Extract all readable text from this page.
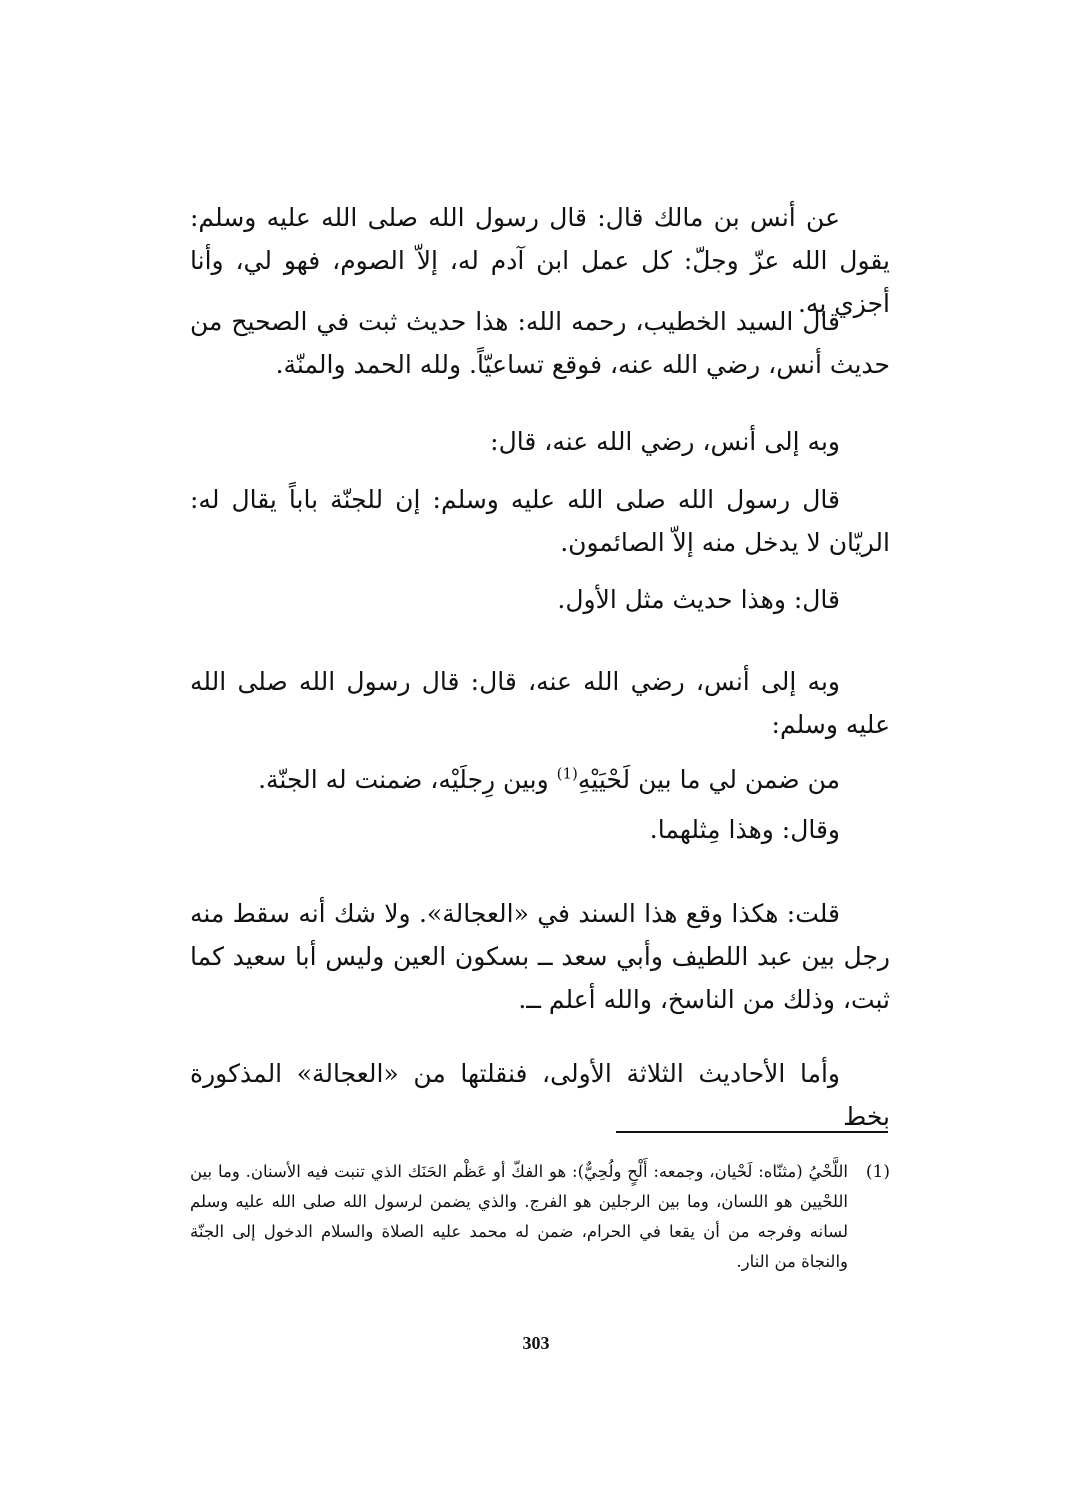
عن أنس بن مالك قال: قال رسول الله صلى الله عليه وسلم: يقول الله عزّ وجلّ: كل عمل ابن آدم له، إلاّ الصوم، فهو لي، وأنا أجزي به.

قال السيد الخطيب، رحمه الله: هذا حديث ثبت في الصحيح من حديث أنس، رضي الله عنه، فوقع تساعيّاً. ولله الحمد والمنّة.

وبه إلى أنس، رضي الله عنه، قال:

قال رسول الله صلى الله عليه وسلم: إن للجنّة باباً يقال له: الريّان لا يدخل منه إلاّ الصائمون.

قال: وهذا حديث مثل الأول.

وبه إلى أنس، رضي الله عنه، قال: قال رسول الله صلى الله عليه وسلم:

من ضمن لي ما بين لَحْيَيْهِ$^{(1)}$ وبين رِجلَيْه، ضمنت له الجنّة.

وقال: وهذا مِثلهما.

قلت: هكذا وقع هذا السند في «العجالة». ولا شك أنه سقط منه رجل بين عبد اللطيف وأبي سعد ــ بسكون العين وليس أبا سعيد كما ثبت، وذلك من الناسخ، والله أعلم ــ.

وأما الأحاديث الثلاثة الأولى، فنقلتها من «العجالة» المذكورة بخط

(1)
اللَّحْيُ (مثنّاه: لَحْيان، وجمعه: أَلْحٍ ولُحِيٌّ): هو الفكّ أو عَظْم الحَنَك الذي تنبت فيه الأسنان. وما بين اللحْيين هو اللسان، وما بين الرجلين هو الفرج. والذي يضمن لرسول الله صلى الله عليه وسلم لسانه وفرجه من أن يقعا في الحرام، ضمن له محمد عليه الصلاة والسلام الدخول إلى الجنّة والنجاة من النار.
303
